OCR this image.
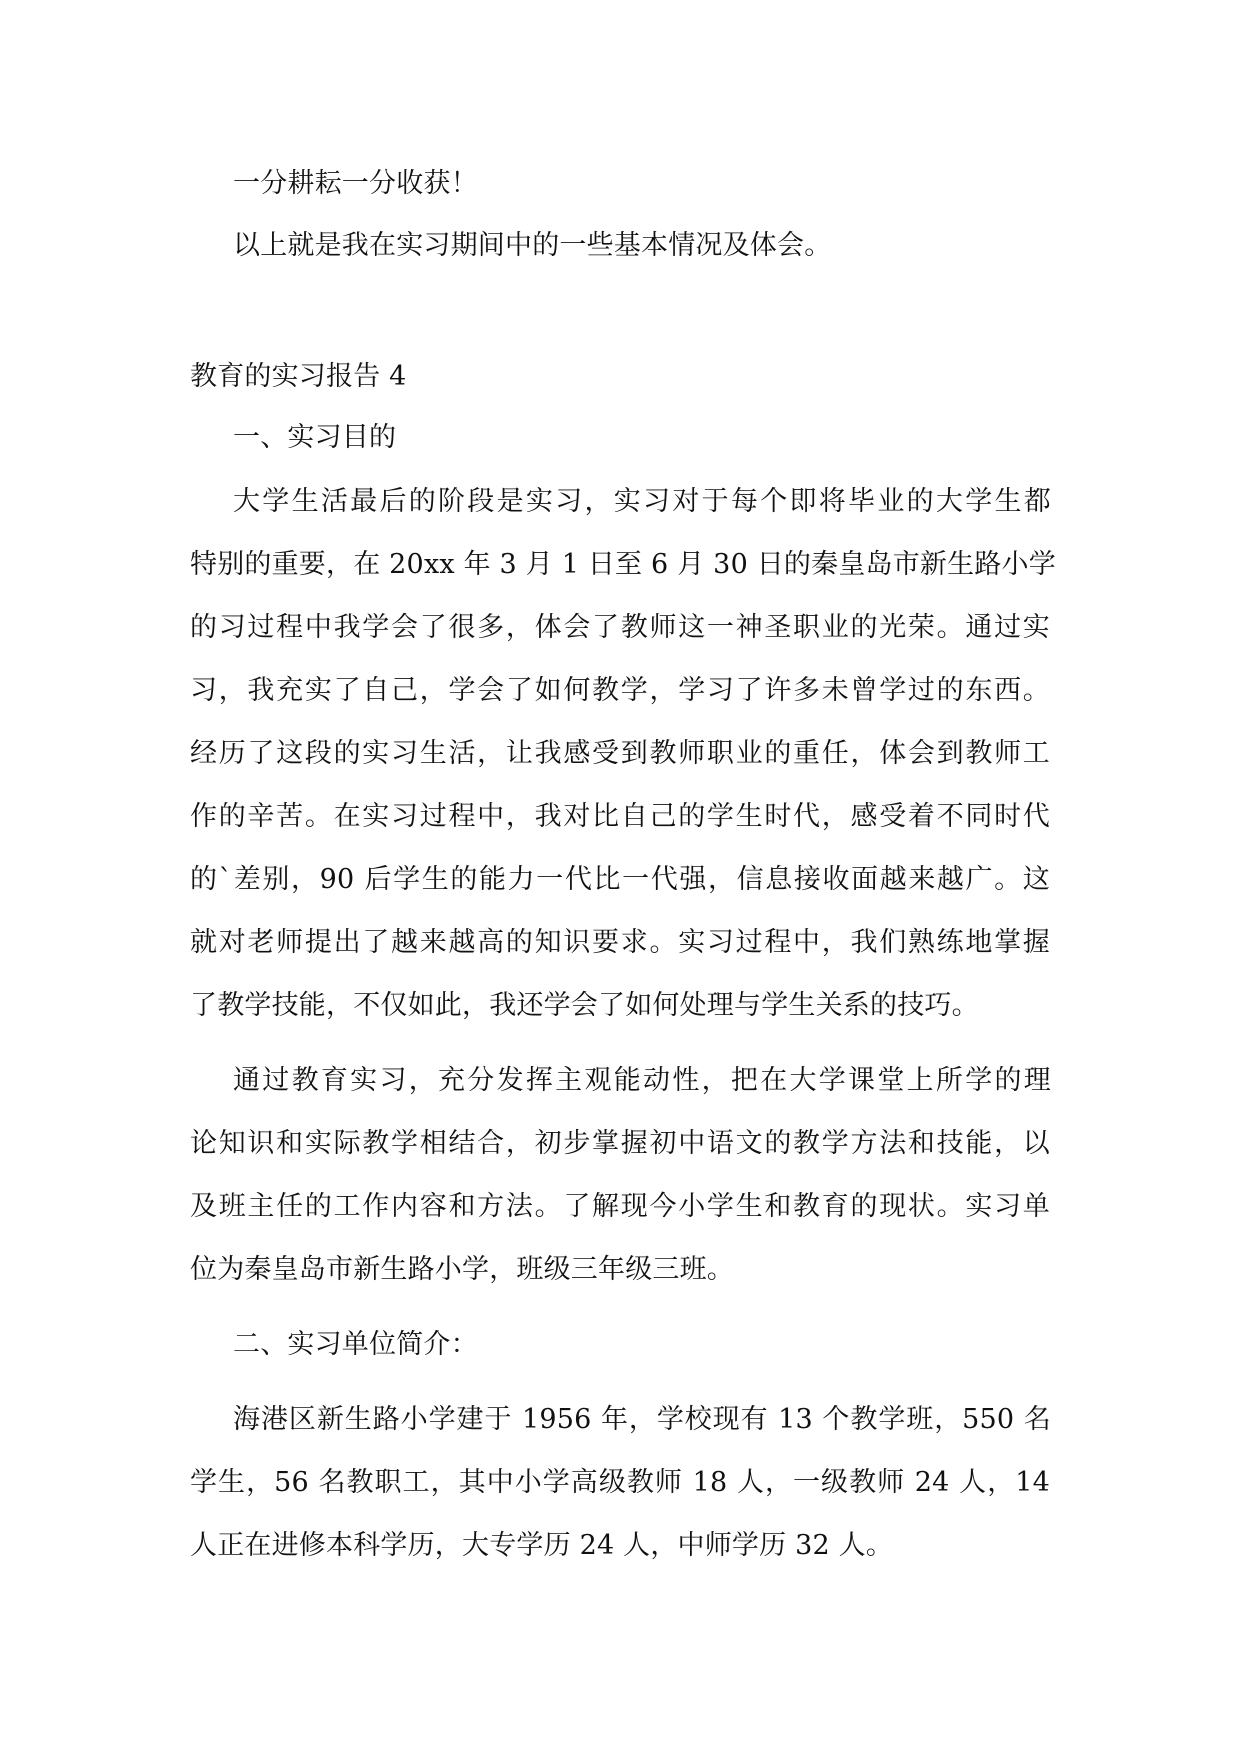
一分耕耘一分收获！

以上就是我在实习期间中的一些基本情况及体会。

教育的实习报告 4

一、实习目的

大学生活最后的阶段是实习，实习对于每个即将毕业的大学生都

特别的重要，在 20xx 年 3 月 1 日至 6 月 30 日的秦皇岛市新生路小学

的习过程中我学会了很多，体会了教师这一神圣职业的光荣。通过实

习，我充实了自己，学会了如何教学，学习了许多未曾学过的东西。

经历了这段的实习生活，让我感受到教师职业的重任，体会到教师工

作的辛苦。在实习过程中，我对比自己的学生时代，感受着不同时代

的`差别，90 后学生的能力一代比一代强，信息接收面越来越广。这

就对老师提出了越来越高的知识要求。实习过程中，我们熟练地掌握

了教学技能，不仅如此，我还学会了如何处理与学生关系的技巧。

通过教育实习，充分发挥主观能动性，把在大学课堂上所学的理

论知识和实际教学相结合，初步掌握初中语文的教学方法和技能，以

及班主任的工作内容和方法。了解现今小学生和教育的现状。实习单

位为秦皇岛市新生路小学，班级三年级三班。

二、实习单位简介：

海港区新生路小学建于 1956 年，学校现有 13 个教学班，550 名

学生，56 名教职工，其中小学高级教师 18 人，一级教师 24 人，14

人正在进修本科学历，大专学历 24 人，中师学历 32 人。
